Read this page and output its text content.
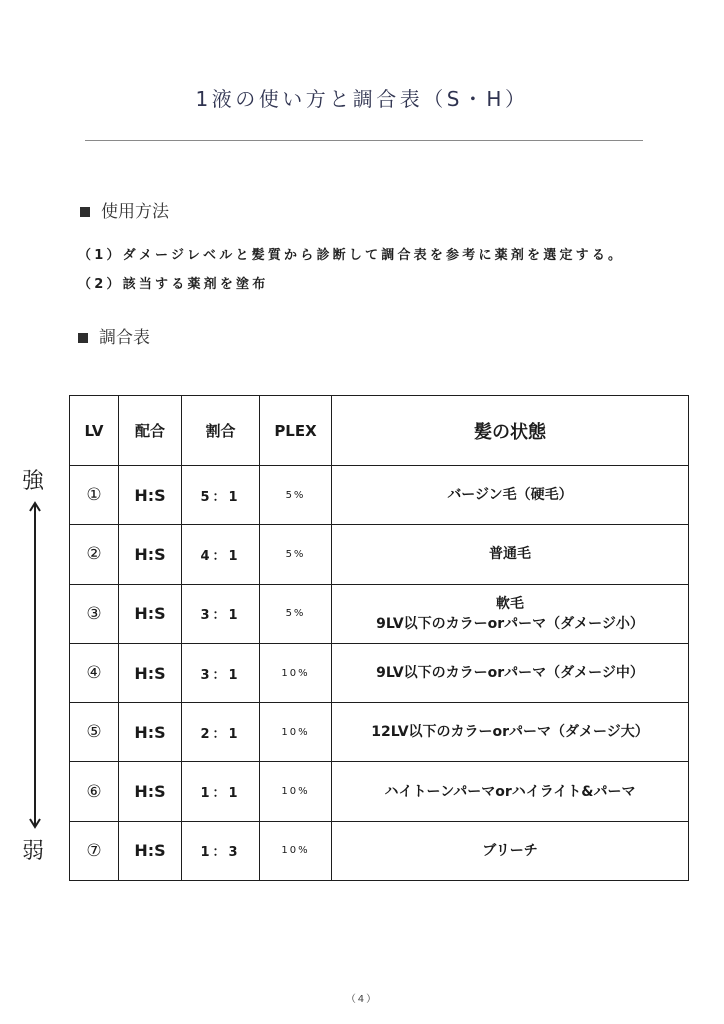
1液の使い方と調合表（S・H）
使用方法

（1）ダメージレベルと髪質から診断して調合表を参考に薬剤を選定する。

（2）該当する薬剤を塗布

調合表
強
弱
LV	配合	割合	PLEX	髪の状態
①	H:S	5：1	5%	バージン毛（硬毛）

②	H:S	4：1	5%	普通毛

③	H:S	3：1	5%	軟毛
9LV以下のカラーorパーマ（ダメージ小）

④	H:S	3：1	10%	9LV以下のカラーorパーマ（ダメージ中）

⑤	H:S	2：1	10%	12LV以下のカラーorパーマ（ダメージ大）

⑥	H:S	1：1	10%	ハイトーンパーマorハイライト&パーマ

⑦	H:S	1：3	10%	ブリーチ
（4）
